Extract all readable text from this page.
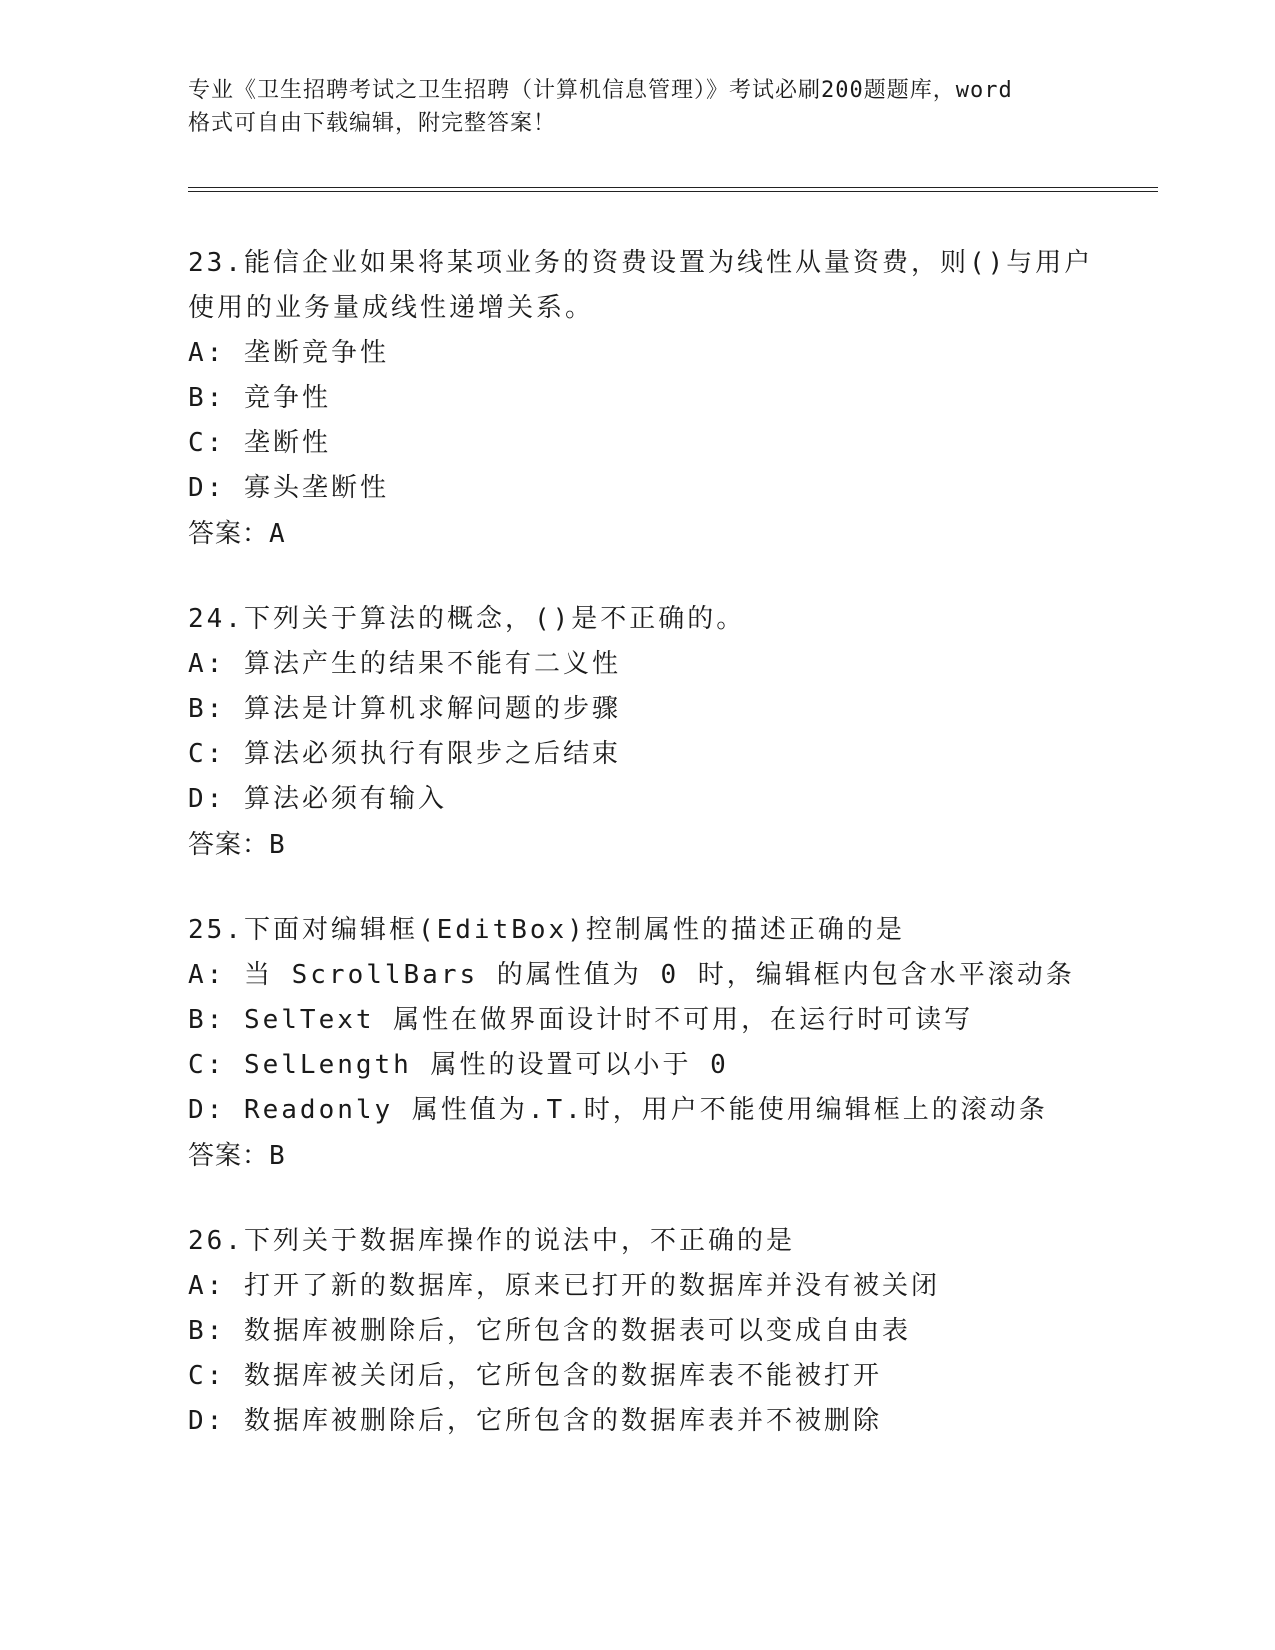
专业《卫生招聘考试之卫生招聘（计算机信息管理）》考试必刷200题题库，word

格式可自由下载编辑，附完整答案！

23.能信企业如果将某项业务的资费设置为线性从量资费，则()与用户

使用的业务量成线性递增关系。

A: 垄断竞争性

B: 竞争性

C: 垄断性

D: 寡头垄断性

答案：A

24.下列关于算法的概念，()是不正确的。

A: 算法产生的结果不能有二义性

B: 算法是计算机求解问题的步骤

C: 算法必须执行有限步之后结束

D: 算法必须有输入

答案：B

25.下面对编辑框(EditBox)控制属性的描述正确的是

A: 当 ScrollBars 的属性值为 0 时，编辑框内包含水平滚动条

B: SelText 属性在做界面设计时不可用，在运行时可读写

C: SelLength 属性的设置可以小于 0

D: Readonly 属性值为.T.时，用户不能使用编辑框上的滚动条

答案：B

26.下列关于数据库操作的说法中，不正确的是

A: 打开了新的数据库，原来已打开的数据库并没有被关闭

B: 数据库被删除后，它所包含的数据表可以变成自由表

C: 数据库被关闭后，它所包含的数据库表不能被打开

D: 数据库被删除后，它所包含的数据库表并不被删除
